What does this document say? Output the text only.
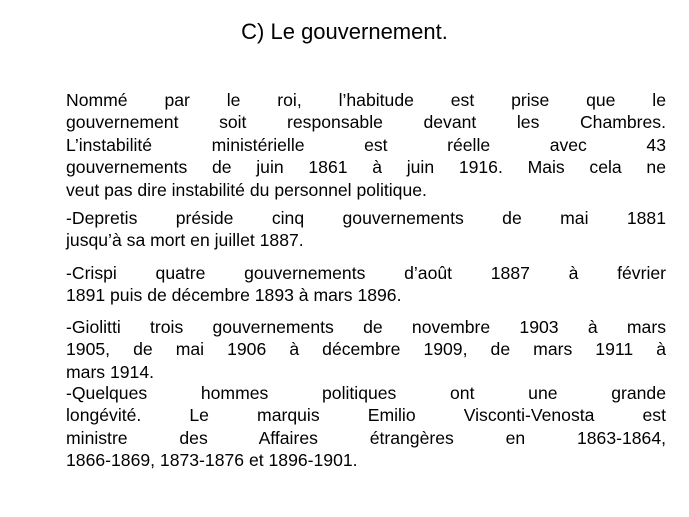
C) Le gouvernement.
Nommé par le roi, l’habitude est prise que le
gouvernement soit responsable devant les Chambres.
L’instabilité ministérielle est réelle avec 43
gouvernements de juin 1861 à juin 1916. Mais cela ne
veut pas dire instabilité du personnel politique.
-Depretis préside cinq gouvernements de mai 1881
jusqu’à sa mort en juillet 1887.
-Crispi quatre gouvernements d’août 1887 à février
1891 puis de décembre 1893 à mars 1896.
-Giolitti trois gouvernements de novembre 1903 à mars
1905, de mai 1906 à décembre 1909, de mars 1911 à
mars 1914.
-Quelques hommes politiques ont une grande
longévité. Le marquis Emilio Visconti-Venosta est
ministre des Affaires étrangères en 1863-1864,
1866-1869, 1873-1876 et 1896-1901.
